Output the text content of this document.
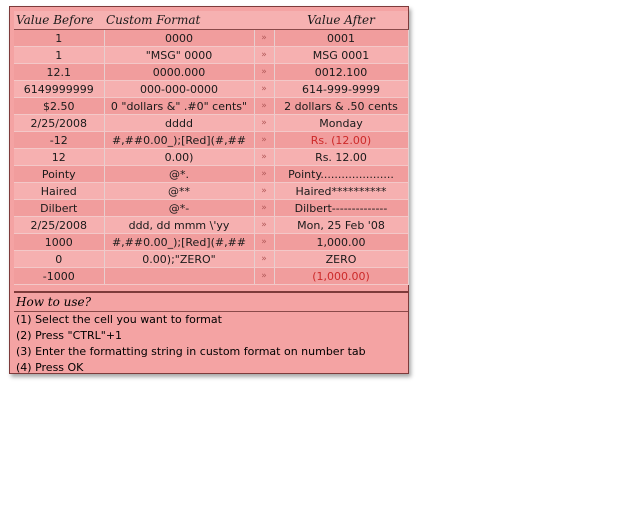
Value Before	Custom Format		Value After
1	0000	»	0001
1	"MSG" 0000	»	MSG 0001
12.1	0000.000	»	0012.100
6149999999	000-000-0000	»	614-999-9999
$2.50	0 "dollars &" .#0" cents"	»	2 dollars & .50 cents
2/25/2008	dddd	»	Monday
-12	#,##0.00_);[Red](#,##	»	Rs. (12.00)
12	0.00)	»	Rs. 12.00
Pointy	@*.	»	Pointy.....................
Haired	@**	»	Haired**********
Dilbert	@*-	»	Dilbert--------------
2/25/2008	ddd, dd mmm \'yy	»	Mon, 25 Feb '08
1000	#,##0.00_);[Red](#,##	»	1,000.00
0	0.00);"ZERO"	»	ZERO
-1000		»	(1,000.00)
How to use?
(1) Select the cell you want to format
(2) Press "CTRL"+1
(3) Enter the formatting string in custom format on number tab
(4) Press OK
